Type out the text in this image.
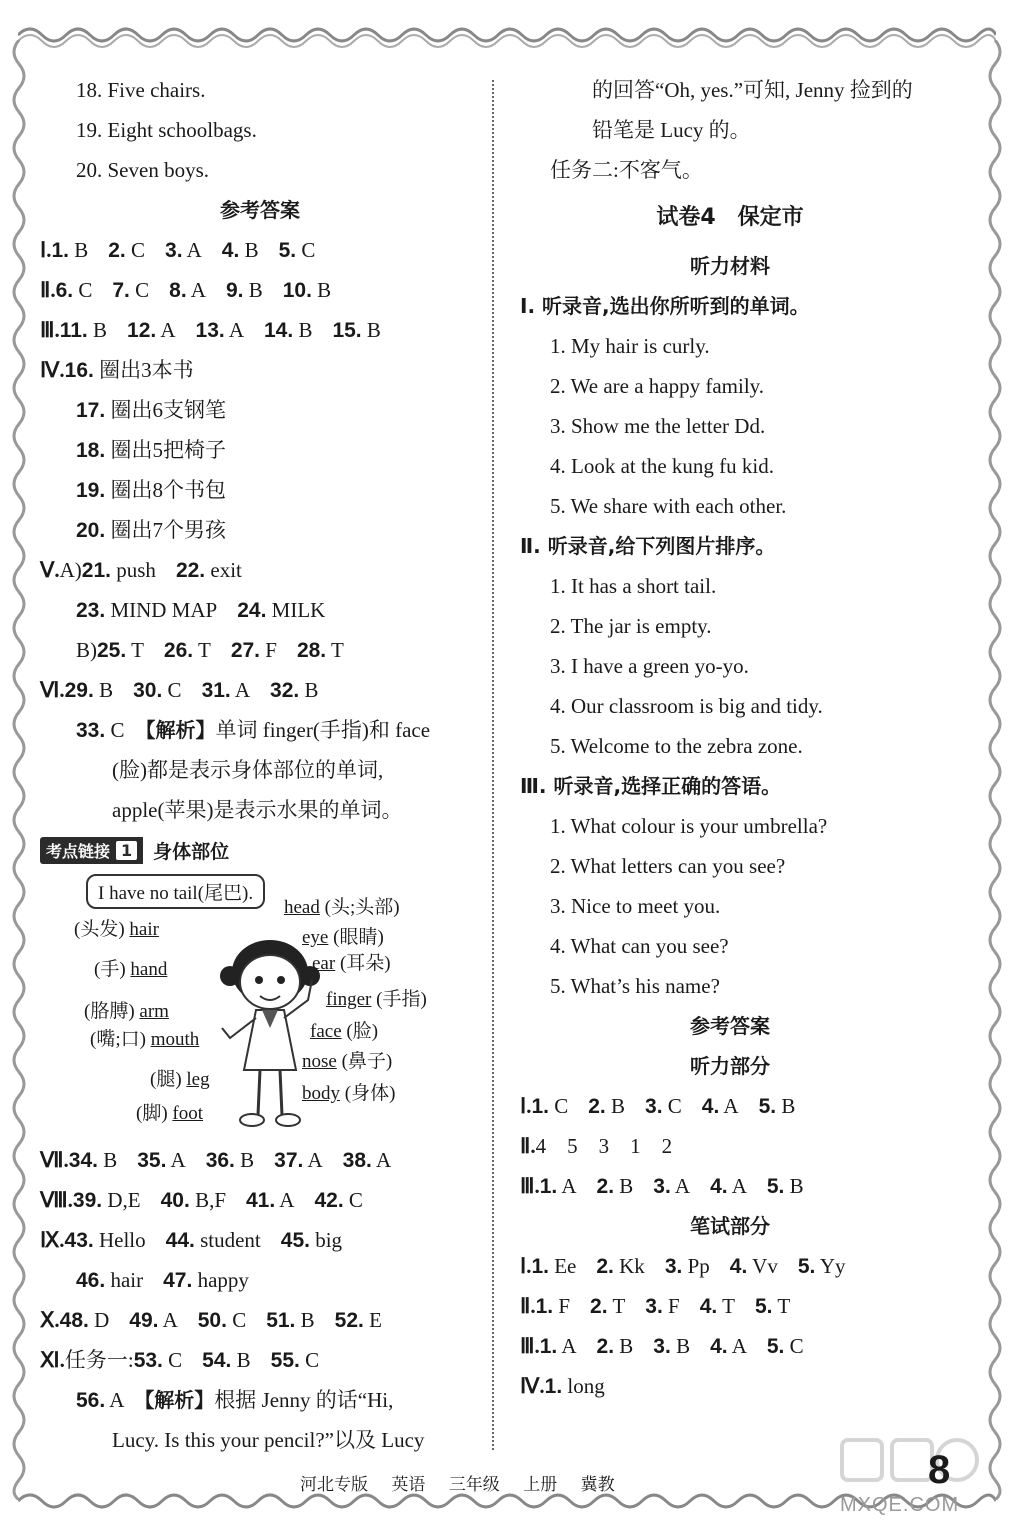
18. Five chairs.
19. Eight schoolbags.
20. Seven boys.
参考答案
Ⅰ.1. B 2. C 3. A 4. B 5. C
Ⅱ.6. C 7. C 8. A 9. B 10. B
Ⅲ.11. B 12. A 13. A 14. B 15. B
Ⅳ.16. 圈出3本书
17. 圈出6支钢笔
18. 圈出5把椅子
19. 圈出8个书包
20. 圈出7个男孩
Ⅴ.A)21. push 22. exit
23. MIND MAP 24. MILK
B)25. T 26. T 27. F 28. T
Ⅵ.29. B 30. C 31. A 32. B
33. C　 【解析】单词 finger(手指)和 face
(脸)都是表示身体部位的单词,
apple(苹果)是表示水果的单词。
考点链接 1 身体部位
I have no tail(尾巴).
(头发) hair
(手) hand
(胳膊) arm
(嘴;口) mouth
(腿) leg
(脚) foot
head (头;头部)
eye (眼睛)
ear (耳朵)
finger (手指)
face (脸)
nose (鼻子)
body (身体)
Ⅶ.34. B 35. A 36. B 37. A 38. A
Ⅷ.39. D,E 40. B,F 41. A 42. C
Ⅸ.43. Hello 44. student 45. big
46. hair 47. happy
Ⅹ.48. D 49. A 50. C 51. B 52. E
Ⅺ.任务一:53. C 54. B 55. C
56. A　 【解析】根据 Jenny 的话“Hi,
Lucy. Is this your pencil?”以及 Lucy
的回答“Oh, yes.”可知, Jenny 捡到的
铅笔是 Lucy 的。
任务二:不客气。
试卷4　保定市
听力材料
Ⅰ. 听录音,选出你所听到的单词。
1. My hair is curly.
2. We are a happy family.
3. Show me the letter Dd.
4. Look at the kung fu kid.
5. We share with each other.
Ⅱ. 听录音,给下列图片排序。
1. It has a short tail.
2. The jar is empty.
3. I have a green yo-yo.
4. Our classroom is big and tidy.
5. Welcome to the zebra zone.
Ⅲ. 听录音,选择正确的答语。
1. What colour is your umbrella?
2. What letters can you see?
3. Nice to meet you.
4. What can you see?
5. What’s his name?
参考答案
听力部分
Ⅰ.1. C 2. B 3. C 4. A 5. B
Ⅱ.4　5　3　1　2
Ⅲ.1. A 2. B 3. A 4. A 5. B
笔试部分
Ⅰ.1. Ee 2. Kk 3. Pp 4. Vv 5. Yy
Ⅱ.1. F 2. T 3. F 4. T 5. T
Ⅲ.1. A 2. B 3. B 4. A 5. C
Ⅳ.1. long
河北专版 英语 三年级 上册 冀教
MXQE.COM
8
